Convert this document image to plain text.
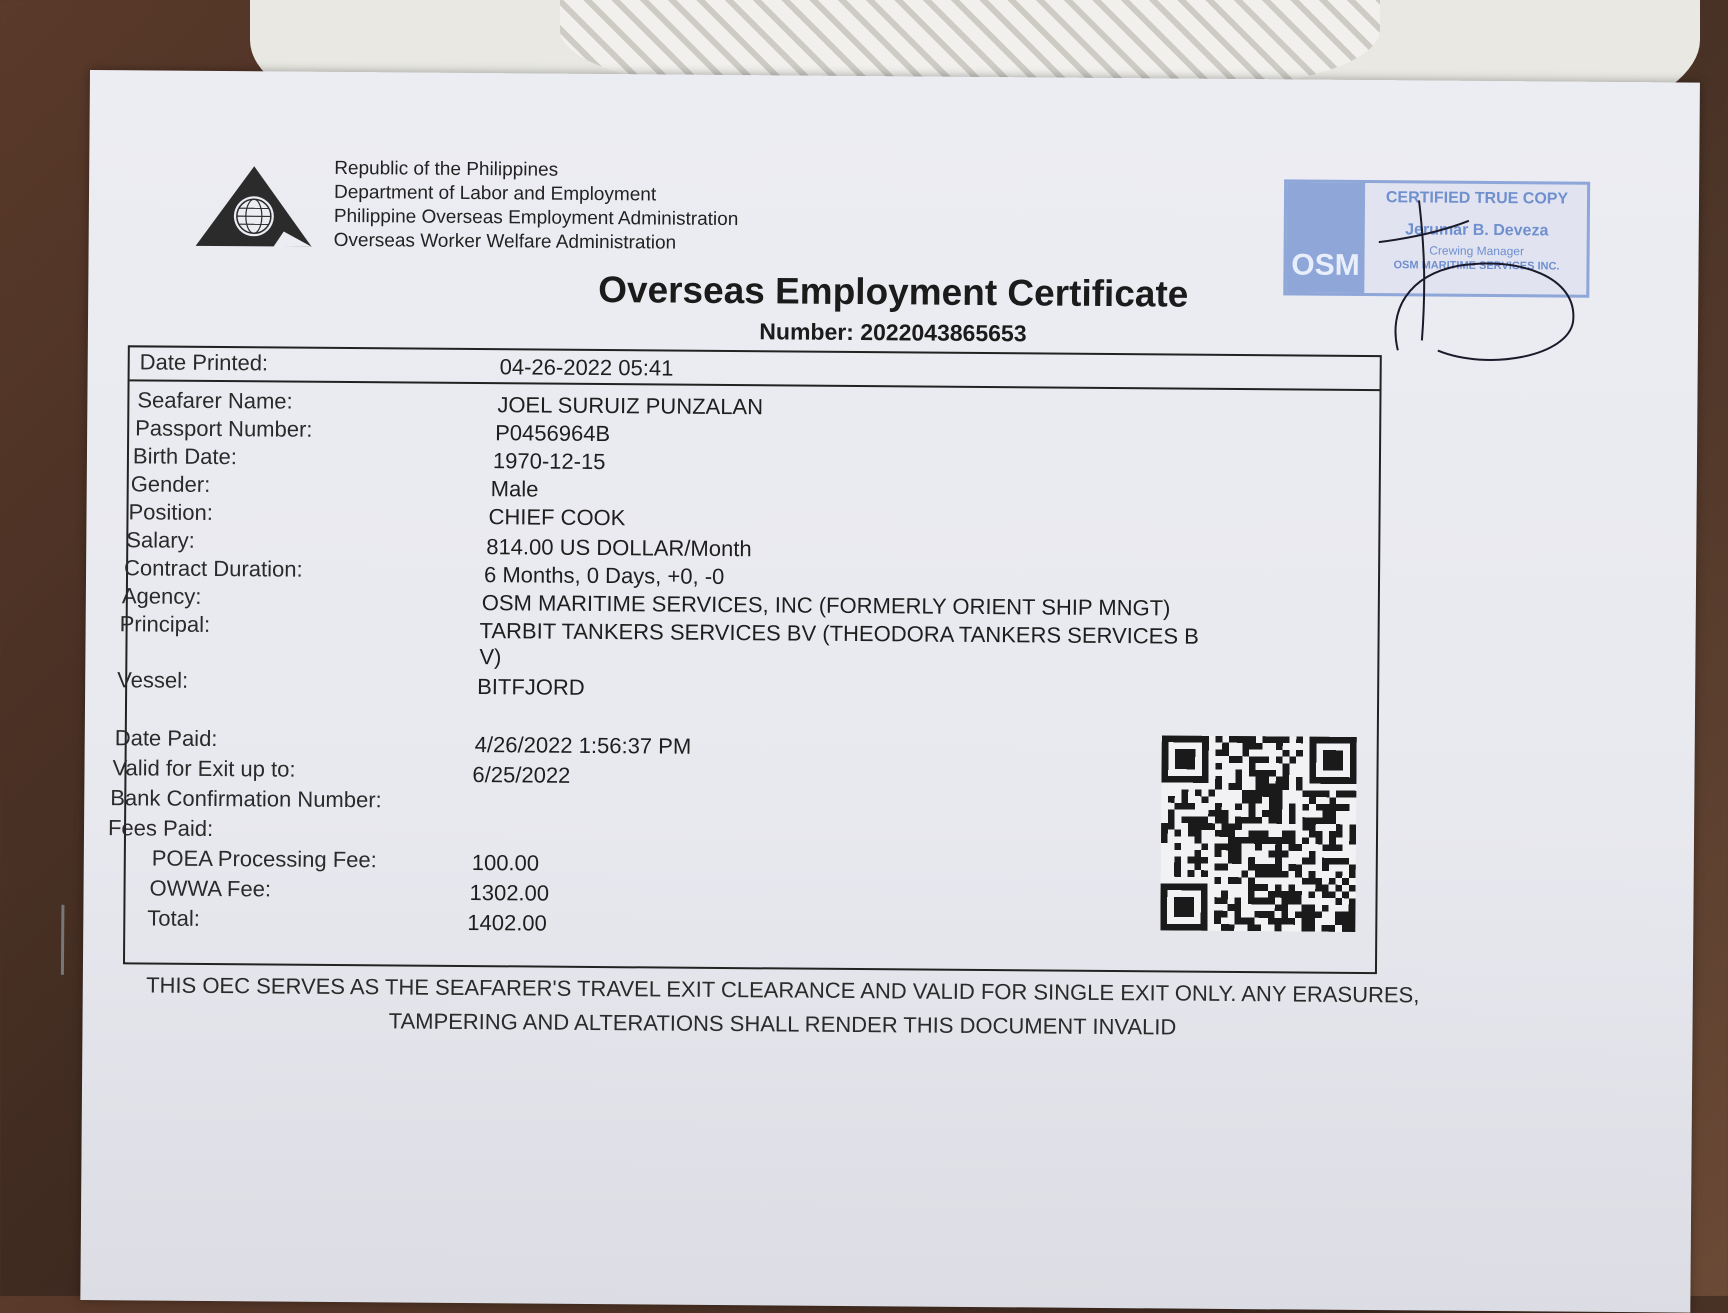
Republic of the Philippines
Department of Labor and Employment
Philippine Overseas Employment Administration
Overseas Worker Welfare Administration
OSM
CERTIFIED TRUE COPY
Jerumar B. Deveza
Crewing Manager
OSM MARITIME SERVICES INC.
Overseas Employment Certificate
Number: 2022043865653
Date Printed:	04-26-2022 05:41
Seafarer Name:	JOEL SURUIZ PUNZALAN
Passport Number:	P0456964B
Birth Date:	1970-12-15
Gender:	Male
Position:	CHIEF COOK
Salary:	814.00 US DOLLAR/Month
Contract Duration:	6 Months, 0 Days, +0, -0
Agency:	OSM MARITIME SERVICES, INC (FORMERLY ORIENT SHIP MNGT)
Principal:	TARBIT TANKERS SERVICES BV (THEODORA TANKERS SERVICES B
V)
Vessel:	BITFJORD
Date Paid:	4/26/2022 1:56:37 PM
Valid for Exit up to:	6/25/2022
Bank Confirmation Number:
Fees Paid:
POEA Processing Fee:	100.00
OWWA Fee:	1302.00
Total:	1402.00
THIS OEC SERVES AS THE SEAFARER'S TRAVEL EXIT CLEARANCE AND VALID FOR SINGLE EXIT ONLY. ANY ERASURES,
TAMPERING AND ALTERATIONS SHALL RENDER THIS DOCUMENT INVALID
